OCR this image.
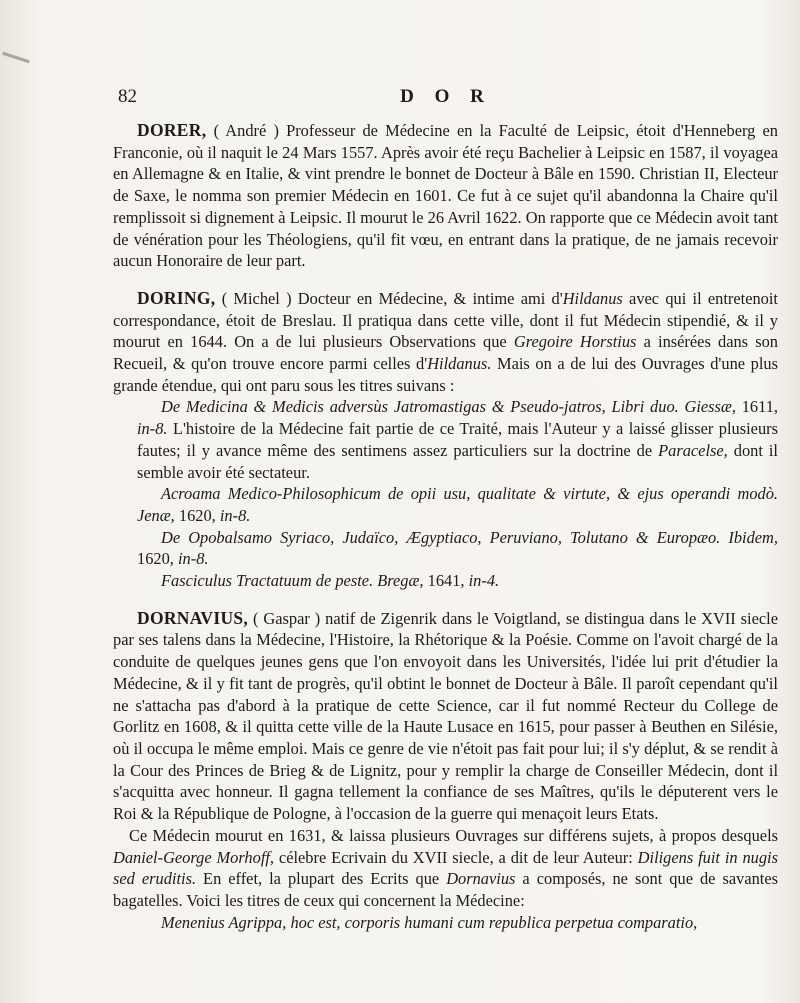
82	D O R

DORER, ( André ) Professeur de Médecine en la Faculté de Leipsic, étoit d'Henneberg en Franconie, où il naquit le 24 Mars 1557. Après avoir été reçu Bachelier à Leipsic en 1587, il voyagea en Allemagne & en Italie, & vint prendre le bonnet de Docteur à Bâle en 1590. Christian II, Electeur de Saxe, le nomma son premier Médecin en 1601. Ce fut à ce sujet qu'il abandonna la Chaire qu'il remplissoit si dignement à Leipsic. Il mourut le 26 Avril 1622. On rapporte que ce Médecin avoit tant de vénération pour les Théologiens, qu'il fit vœu, en entrant dans la pratique, de ne jamais recevoir aucun Honoraire de leur part.

DORING, ( Michel ) Docteur en Médecine, & intime ami d'Hildanus avec qui il entretenoit correspondance, étoit de Breslau. Il pratiqua dans cette ville, dont il fut Médecin stipendié, & il y mourut en 1644. On a de lui plusieurs Observations que Gregoire Horstius a insérées dans son Recueil, & qu'on trouve encore parmi celles d'Hildanus. Mais on a de lui des Ouvrages d'une plus grande étendue, qui ont paru sous les titres suivans :

De Medicina & Medicis adversùs Jatromastigas & Pseudo-jatros, Libri duo. Giessæ, 1611, in-8. L'histoire de la Médecine fait partie de ce Traité, mais l'Auteur y a laissé glisser plusieurs fautes; il y avance même des sentimens assez particuliers sur la doctrine de Paracelse, dont il semble avoir été sectateur.

Acroama Medico-Philosophicum de opii usu, qualitate & virtute, & ejus operandi modò. Jenæ, 1620, in-8.

De Opobalsamo Syriaco, Judaïco, Ægyptiaco, Peruviano, Tolutano & Europæo. Ibidem, 1620, in-8.

Fasciculus Tractatuum de peste. Bregæ, 1641, in-4.

DORNAVIUS, ( Gaspar ) natif de Zigenrik dans le Voigtland, se distingua dans le XVII siecle par ses talens dans la Médecine, l'Histoire, la Rhétorique & la Poésie. Comme on l'avoit chargé de la conduite de quelques jeunes gens que l'on envoyoit dans les Universités, l'idée lui prit d'étudier la Médecine, & il y fit tant de progrès, qu'il obtint le bonnet de Docteur à Bâle. Il paroît cependant qu'il ne s'attacha pas d'abord à la pratique de cette Science, car il fut nommé Recteur du College de Gorlitz en 1608, & il quitta cette ville de la Haute Lusace en 1615, pour passer à Beuthen en Silésie, où il occupa le même emploi. Mais ce genre de vie n'étoit pas fait pour lui; il s'y déplut, & se rendit à la Cour des Princes de Brieg & de Lignitz, pour y remplir la charge de Conseiller Médecin, dont il s'acquitta avec honneur. Il gagna tellement la confiance de ses Maîtres, qu'ils le députerent vers le Roi & la République de Pologne, à l'occasion de la guerre qui menaçoit leurs Etats.

Ce Médecin mourut en 1631, & laissa plusieurs Ouvrages sur différens sujets, à propos desquels Daniel-George Morhoff, célebre Ecrivain du XVII siecle, a dit de leur Auteur: Diligens fuit in nugis sed eruditis. En effet, la plupart des Ecrits que Dornavius a composés, ne sont que de savantes bagatelles. Voici les titres de ceux qui concernent la Médecine:

Menenius Agrippa, hoc est, corporis humani cum republica perpetua comparatio,
